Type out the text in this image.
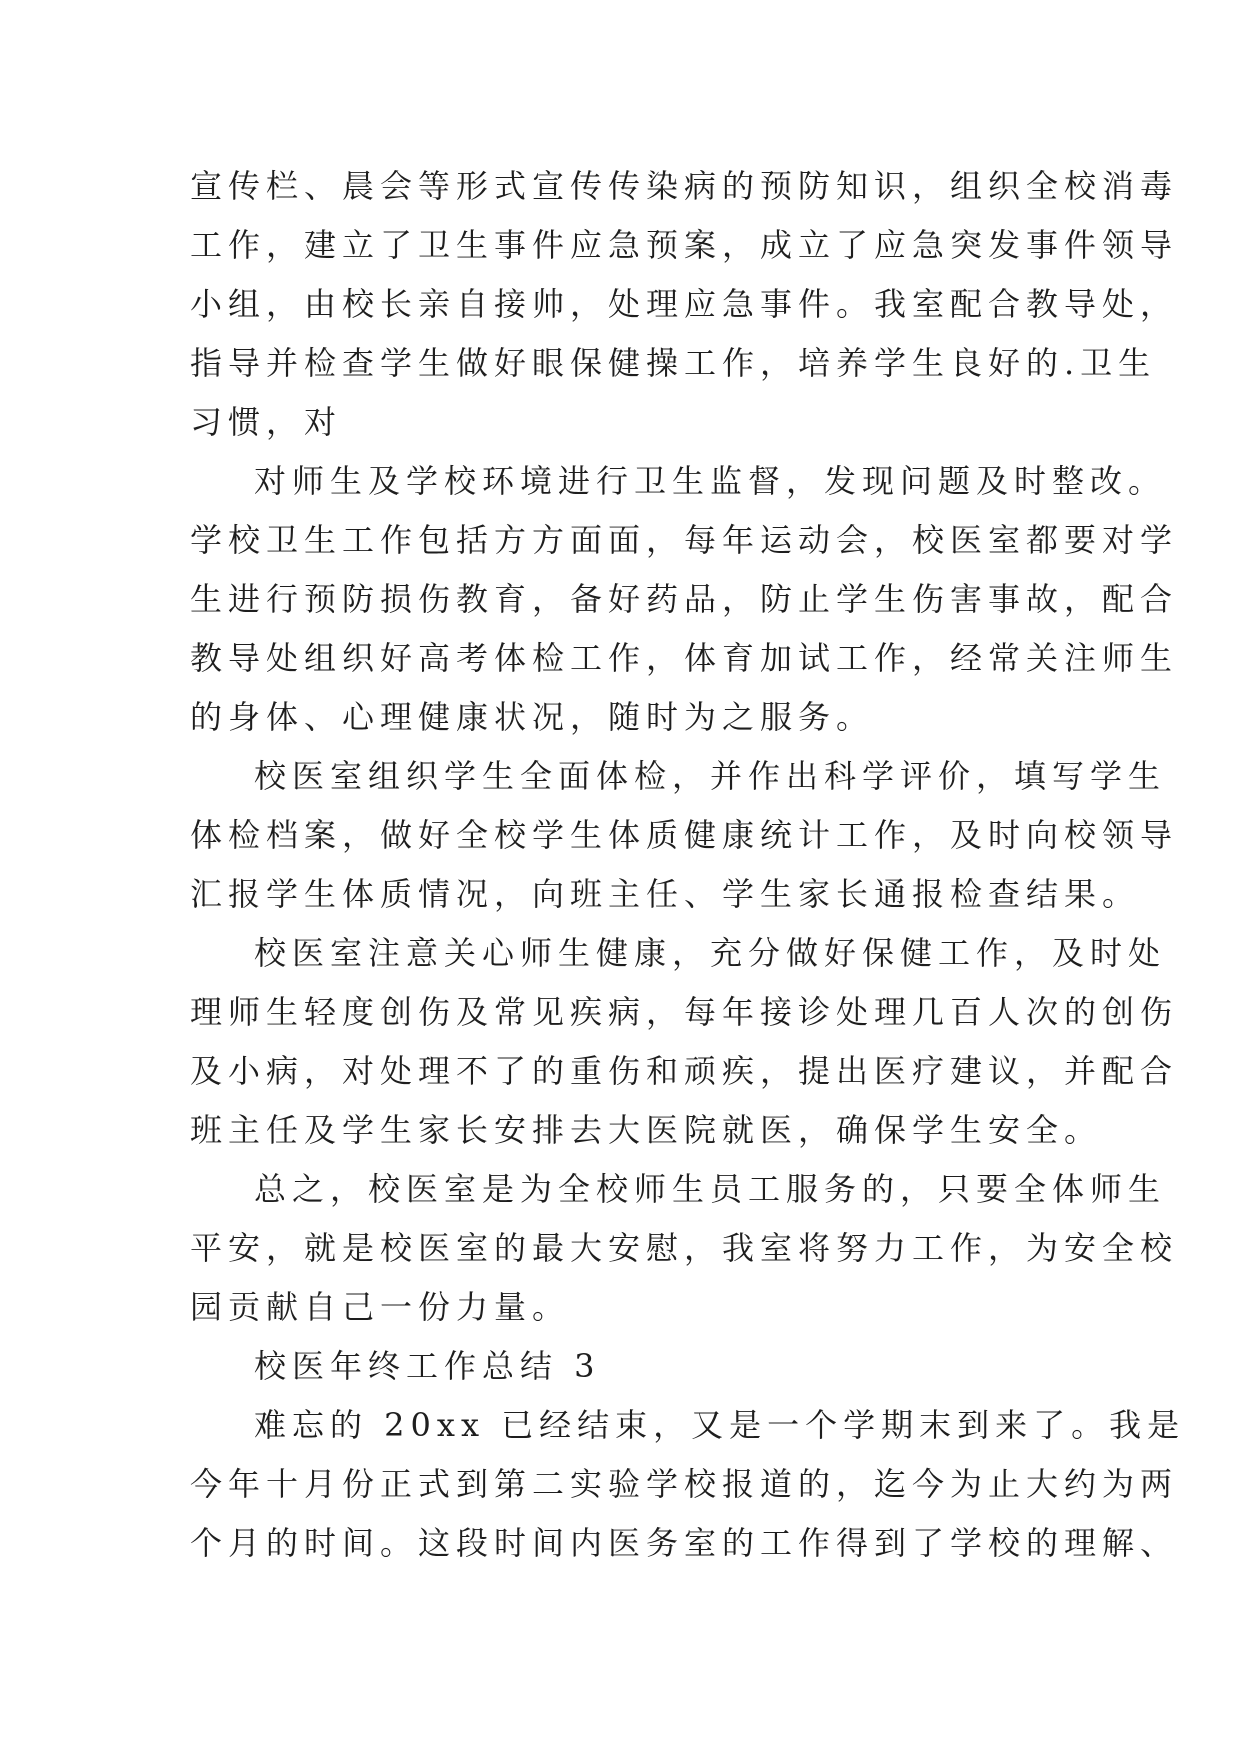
宣传栏、晨会等形式宣传传染病的预防知识，组织全校消毒
工作，建立了卫生事件应急预案，成立了应急突发事件领导
小组，由校长亲自接帅，处理应急事件。我室配合教导处，
指导并检查学生做好眼保健操工作，培养学生良好的.卫生
习惯，对
对师生及学校环境进行卫生监督，发现问题及时整改。
学校卫生工作包括方方面面，每年运动会，校医室都要对学
生进行预防损伤教育，备好药品，防止学生伤害事故，配合
教导处组织好高考体检工作，体育加试工作，经常关注师生
的身体、心理健康状况，随时为之服务。
校医室组织学生全面体检，并作出科学评价，填写学生
体检档案，做好全校学生体质健康统计工作，及时向校领导
汇报学生体质情况，向班主任、学生家长通报检查结果。
校医室注意关心师生健康，充分做好保健工作，及时处
理师生轻度创伤及常见疾病，每年接诊处理几百人次的创伤
及小病，对处理不了的重伤和顽疾，提出医疗建议，并配合
班主任及学生家长安排去大医院就医，确保学生安全。
总之，校医室是为全校师生员工服务的，只要全体师生
平安，就是校医室的最大安慰，我室将努力工作，为安全校
园贡献自己一份力量。
校医年终工作总结 3
难忘的 20xx 已经结束，又是一个学期末到来了。我是
今年十月份正式到第二实验学校报道的，迄今为止大约为两
个月的时间。这段时间内医务室的工作得到了学校的理解、
